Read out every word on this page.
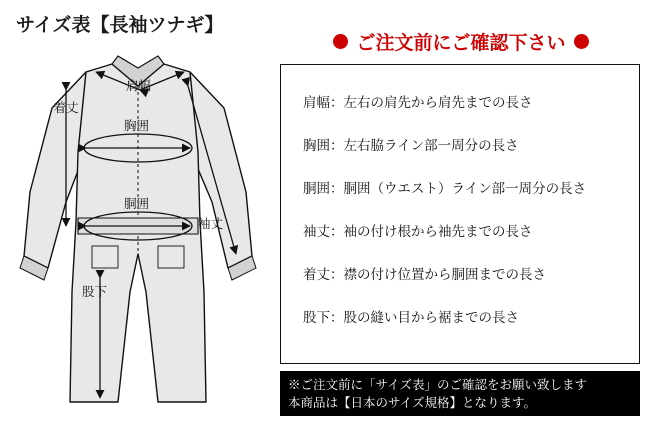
サイズ表【長袖ツナギ】
肩幅
着丈
胸囲
胴囲
袖丈
股下
ご注文前にご確認下さい
肩幅：左右の肩先から肩先までの長さ
胸囲：左右脇ライン部一周分の長さ
胴囲：胴囲（ウエスト）ライン部一周分の長さ
袖丈：袖の付け根から袖先までの長さ
着丈：襟の付け位置から胴囲までの長さ
股下：股の縫い目から裾までの長さ
※ご注文前に「サイズ表」のご確認をお願い致します
本商品は【日本のサイズ規格】となります。
